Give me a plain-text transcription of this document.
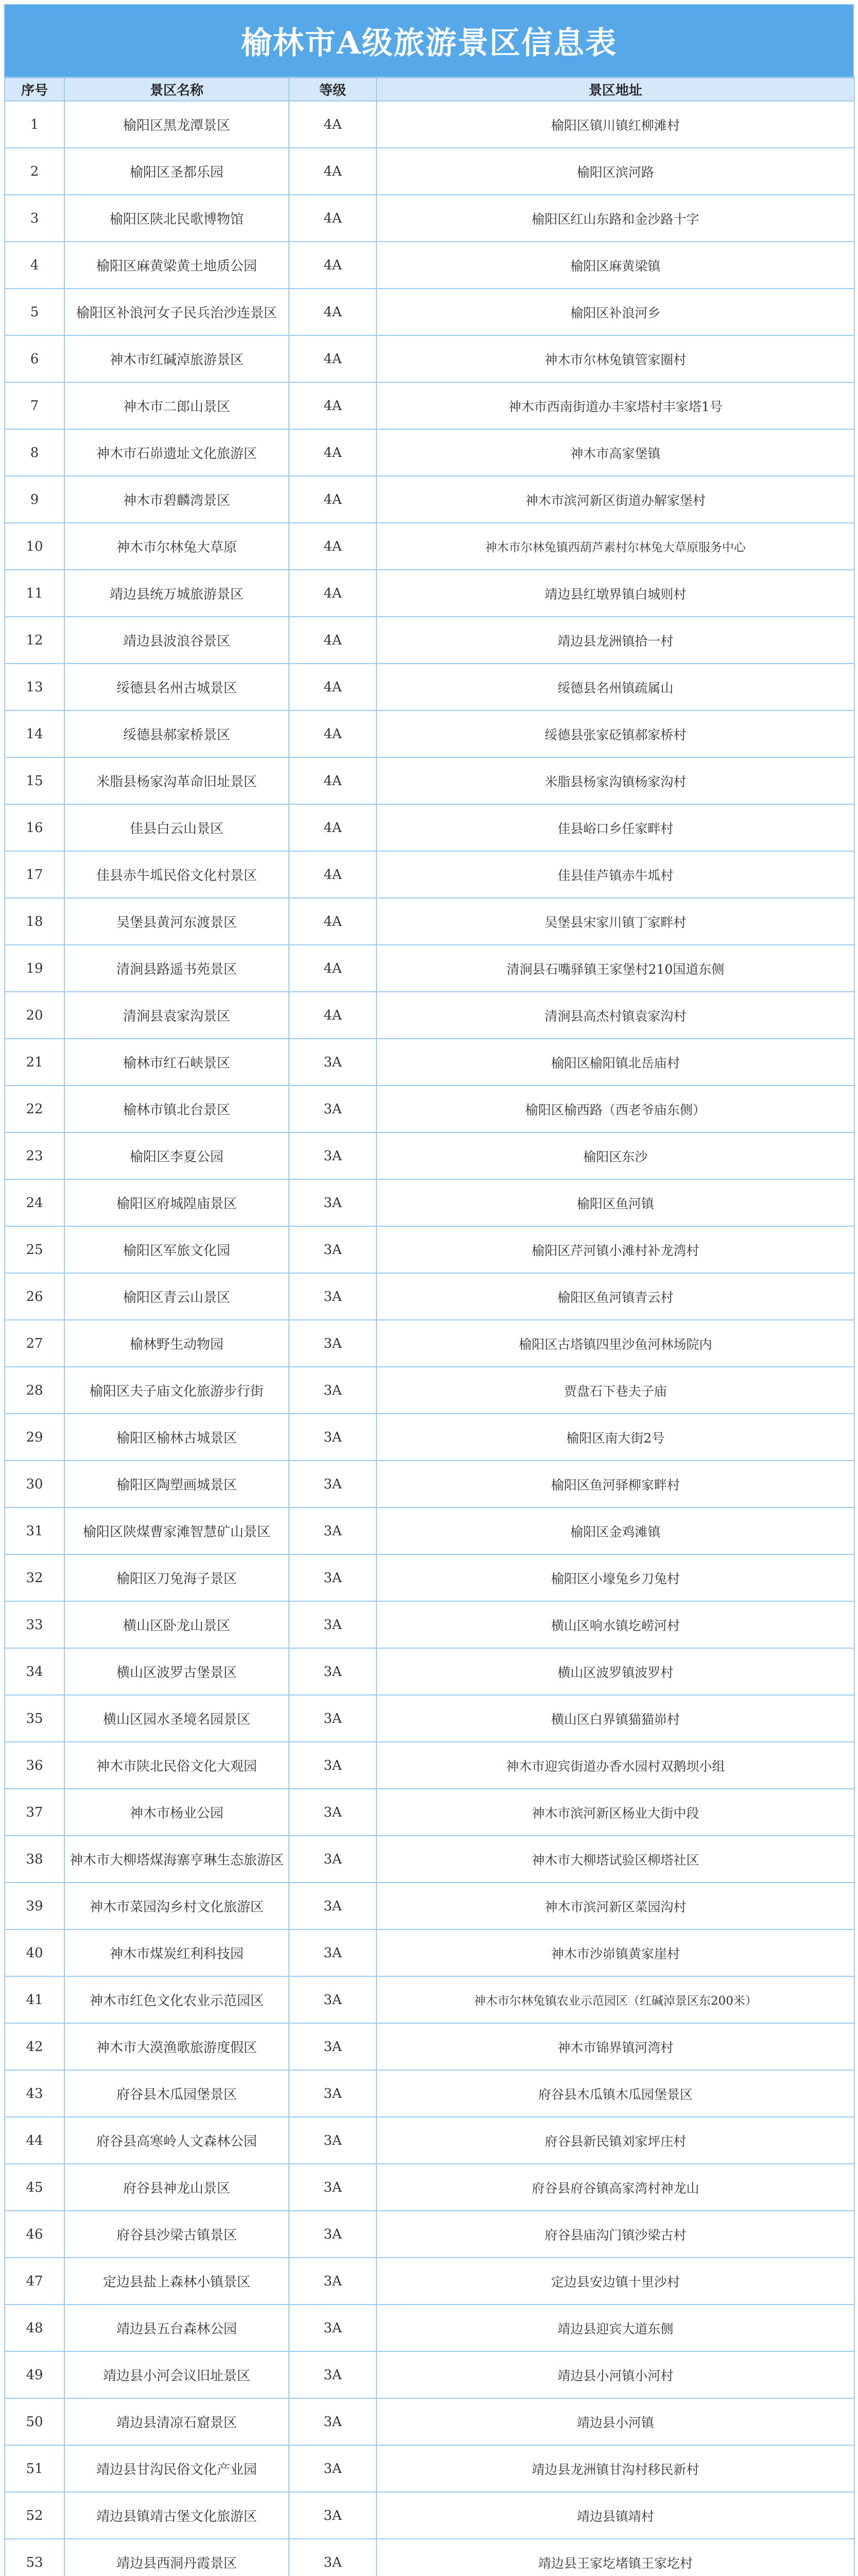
榆林市A级旅游景区信息表
序号	景区名称	等级	景区地址
1	榆阳区黑龙潭景区	4A	榆阳区镇川镇红柳滩村
2	榆阳区圣都乐园	4A	榆阳区滨河路
3	榆阳区陕北民歌博物馆	4A	榆阳区红山东路和金沙路十字
4	榆阳区麻黄梁黄土地质公园	4A	榆阳区麻黄梁镇
5	榆阳区补浪河女子民兵治沙连景区	4A	榆阳区补浪河乡
6	神木市红碱淖旅游景区	4A	神木市尔林兔镇管家圈村
7	神木市二郎山景区	4A	神木市西南街道办丰家塔村丰家塔1号
8	神木市石峁遗址文化旅游区	4A	神木市高家堡镇
9	神木市碧麟湾景区	4A	神木市滨河新区街道办解家堡村
10	神木市尔林兔大草原	4A	神木市尔林兔镇西葫芦素村尔林兔大草原服务中心
11	靖边县统万城旅游景区	4A	靖边县红墩界镇白城则村
12	靖边县波浪谷景区	4A	靖边县龙洲镇拾一村
13	绥德县名州古城景区	4A	绥德县名州镇疏属山
14	绥德县郝家桥景区	4A	绥德县张家砭镇郝家桥村
15	米脂县杨家沟革命旧址景区	4A	米脂县杨家沟镇杨家沟村
16	佳县白云山景区	4A	佳县峪口乡任家畔村
17	佳县赤牛坬民俗文化村景区	4A	佳县佳芦镇赤牛坬村
18	吴堡县黄河东渡景区	4A	吴堡县宋家川镇丁家畔村
19	清涧县路遥书苑景区	4A	清涧县石嘴驿镇王家堡村210国道东侧
20	清涧县袁家沟景区	4A	清涧县高杰村镇袁家沟村
21	榆林市红石峡景区	3A	榆阳区榆阳镇北岳庙村
22	榆林市镇北台景区	3A	榆阳区榆西路（西老爷庙东侧）
23	榆阳区李夏公园	3A	榆阳区东沙
24	榆阳区府城隍庙景区	3A	榆阳区鱼河镇
25	榆阳区军旅文化园	3A	榆阳区芹河镇小滩村补龙湾村
26	榆阳区青云山景区	3A	榆阳区鱼河镇青云村
27	榆林野生动物园	3A	榆阳区古塔镇四里沙鱼河林场院内
28	榆阳区夫子庙文化旅游步行街	3A	贾盘石下巷夫子庙
29	榆阳区榆林古城景区	3A	榆阳区南大街2号
30	榆阳区陶塑画城景区	3A	榆阳区鱼河驿柳家畔村
31	榆阳区陕煤曹家滩智慧矿山景区	3A	榆阳区金鸡滩镇
32	榆阳区刀兔海子景区	3A	榆阳区小壕兔乡刀兔村
33	横山区卧龙山景区	3A	横山区响水镇圪崂河村
34	横山区波罗古堡景区	3A	横山区波罗镇波罗村
35	横山区园水圣境名园景区	3A	横山区白界镇猫猫峁村
36	神木市陕北民俗文化大观园	3A	神木市迎宾街道办香水园村双鹅坝小组
37	神木市杨业公园	3A	神木市滨河新区杨业大街中段
38	神木市大柳塔煤海寨亨琳生态旅游区	3A	神木市大柳塔试验区柳塔社区
39	神木市菜园沟乡村文化旅游区	3A	神木市滨河新区菜园沟村
40	神木市煤炭红利科技园	3A	神木市沙峁镇黄家崖村
41	神木市红色文化农业示范园区	3A	神木市尔林兔镇农业示范园区（红碱淖景区东200米）
42	神木市大漠渔歌旅游度假区	3A	神木市锦界镇河湾村
43	府谷县木瓜园堡景区	3A	府谷县木瓜镇木瓜园堡景区
44	府谷县高寒岭人文森林公园	3A	府谷县新民镇刘家坪庄村
45	府谷县神龙山景区	3A	府谷县府谷镇高家湾村神龙山
46	府谷县沙梁古镇景区	3A	府谷县庙沟门镇沙梁古村
47	定边县盐上森林小镇景区	3A	定边县安边镇十里沙村
48	靖边县五台森林公园	3A	靖边县迎宾大道东侧
49	靖边县小河会议旧址景区	3A	靖边县小河镇小河村
50	靖边县清凉石窟景区	3A	靖边县小河镇
51	靖边县甘沟民俗文化产业园	3A	靖边县龙洲镇甘沟村移民新村
52	靖边县镇靖古堡文化旅游区	3A	靖边县镇靖村
53	靖边县西洞丹霞景区	3A	靖边县王家圪堵镇王家圪村
